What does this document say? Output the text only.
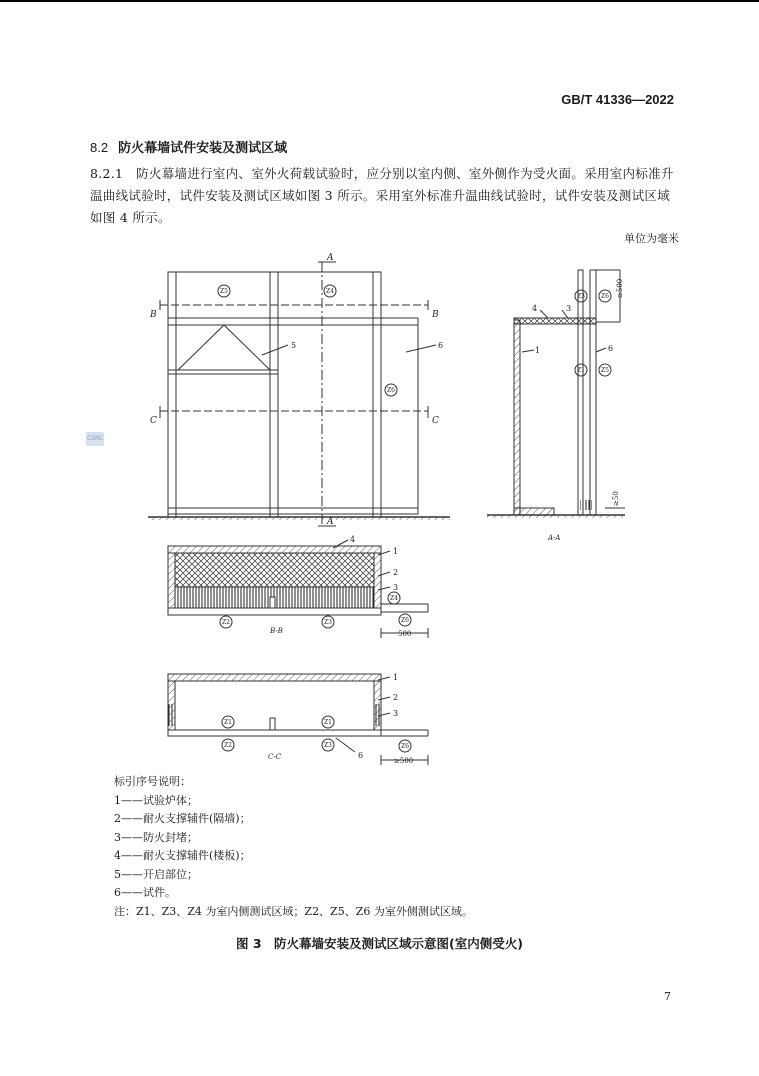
GB/T 41336—2022
8.2 防火幕墙试件安装及测试区域

8.2.1　 防火幕墙进行室内、室外火荷载试验时，应分别以室内侧、室外侧作为受火面。采用室内标准升温曲线试验时，试件安装及测试区域如图 3 所示。采用室外标准升温曲线试验时，试件安装及测试区域如图 4 所示。

单位为毫米
CSRC
Z5	Z4
Z6
A
A
B	B
C	C
5	6
Z3	Z6
Z1	Z5
4	3
1	6
≥500
≥50
A-A
Z4
Z2	Z3	Z6
4
1
2
3
500
B-B
Z1	Z1
Z2	Z3	Z6
1
2
3
6
≥500
C-C
标引序号说明：
1——试验炉体；
2——耐火支撑辅件(隔墙)；
3——防火封堵；
4——耐火支撑辅件(楼板)；
5——开启部位；
6——试件。
注：Z1、Z3、Z4 为室内侧测试区域；Z2、Z5、Z6 为室外侧测试区域。
图 3　防火幕墙安装及测试区域示意图(室内侧受火)
7
